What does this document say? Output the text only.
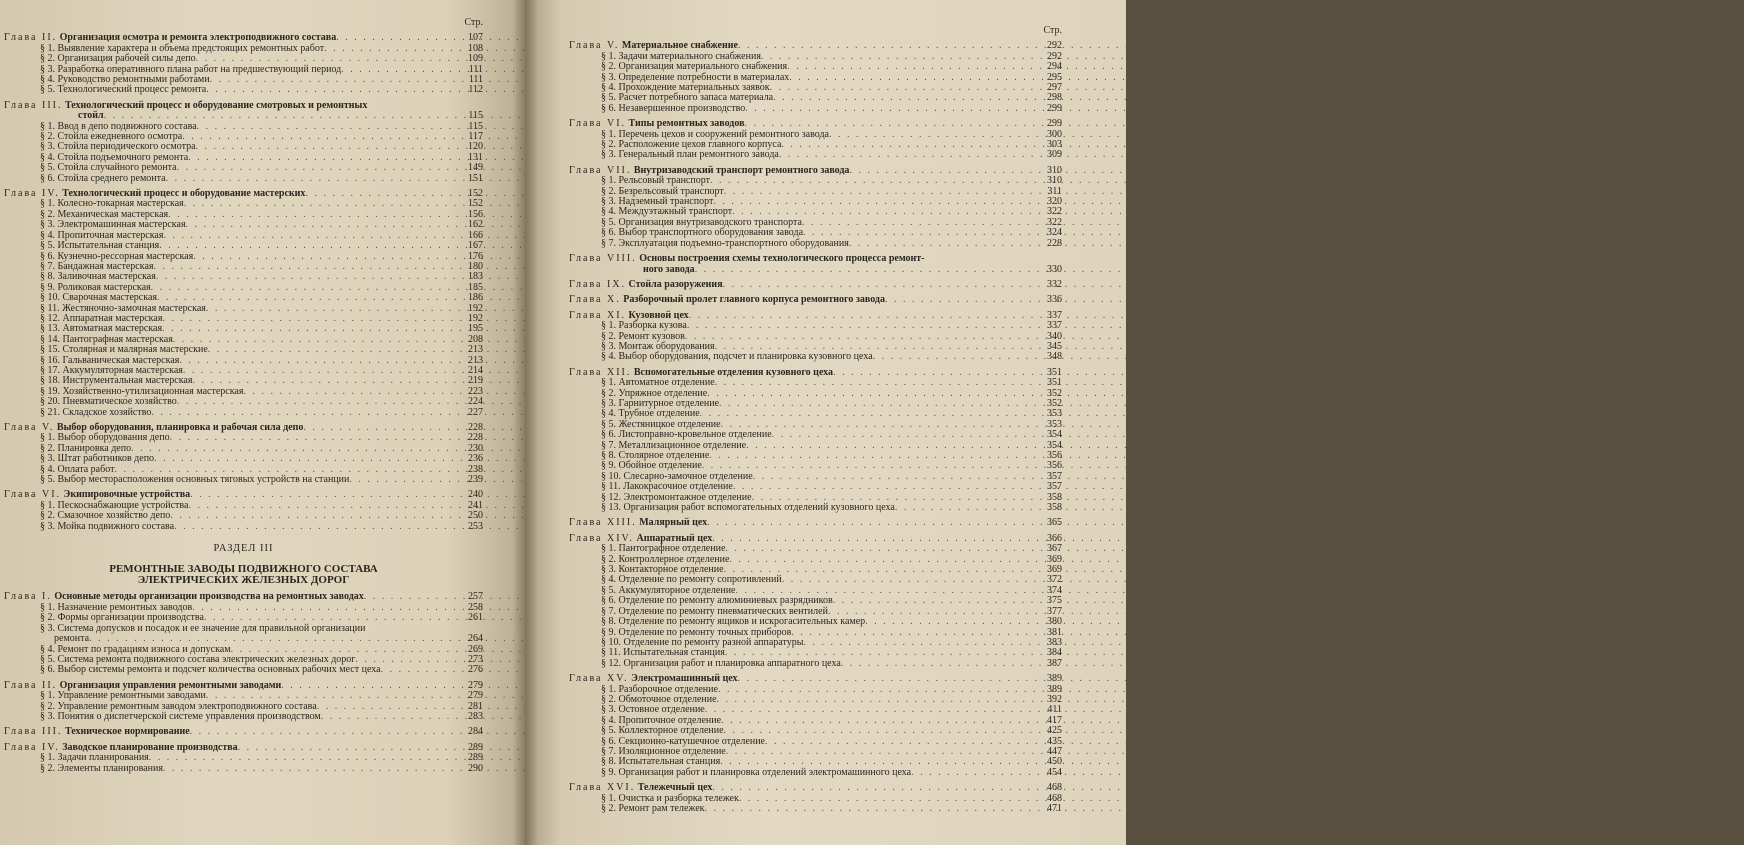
Стр.
Глава II. Организация осмотра и ремонта электроподвижного состава . . .	107
§ 1. Выявление характера и объема предстоящих ремонтных работ . . .	108
§ 2. Организация рабочей силы депо . . .	109
§ 3. Разработка оперативного плана работ на предшествующий период . . .	111
§ 4. Руководство ремонтными работами . . .	111
§ 5. Технологический процесс ремонта . . .	112
Глава III. Технологический процесс и оборудование смотровых и ремонтных
стойл . . .	115
§ 1. Ввод в депо подвижного состава . . .	115
§ 2. Стойла ежедневного осмотра . . .	117
§ 3. Стойла периодического осмотра . . .	120
§ 4. Стойла подъемочного ремонта . . .	131
§ 5. Стойла случайного ремонта . . .	149
§ 6. Стойла среднего ремонта . . .	151
Глава IV. Технологический процесс и оборудование мастерских . . .	152
§ 1. Колесно-токарная мастерская . . .	152
§ 2. Механическая мастерская . . .	156
§ 3. Электромашинная мастерская . . .	162
§ 4. Пропиточная мастерская . . .	166
§ 5. Испытательная станция . . .	167
§ 6. Кузнечно-рессорная мастерская . . .	176
§ 7. Бандажная мастерская . . .	180
§ 8. Заливочная мастерская . . .	183
§ 9. Роликовая мастерская . . .	185
§ 10. Сварочная мастерская . . .	186
§ 11. Жестяночно-замочная мастерская . . .	192
§ 12. Аппаратная мастерская . . .	192
§ 13. Автоматная мастерская . . .	195
§ 14. Пантографная мастерская . . .	208
§ 15. Столярная и малярная мастерские . . .	213
§ 16. Гальваническая мастерская . . .	213
§ 17. Аккумуляторная мастерская . . .	214
§ 18. Инструментальная мастерская . . .	219
§ 19. Хозяйственно-утилизационная мастерская . . .	223
§ 20. Пневматическое хозяйство . . .	224
§ 21. Складское хозяйство . . .	227
Глава V. Выбор оборудования, планировка и рабочая сила депо . . .	228
§ 1. Выбор оборудования депо . . .	228
§ 2. Планировка депо . . .	230
§ 3. Штат работников депо . . .	236
§ 4. Оплата работ . . .	238
§ 5. Выбор месторасположения основных тяговых устройств на станции . . .	239
Глава VI. Экипировочные устройства . . .	240
§ 1. Пескоснабжающие устройства . . .	241
§ 2. Смазочное хозяйство депо . . .	250
§ 3. Мойка подвижного состава . . .	253
РАЗДЕЛ III
РЕМОНТНЫЕ ЗАВОДЫ ПОДВИЖНОГО СОСТАВА
ЭЛЕКТРИЧЕСКИХ ЖЕЛЕЗНЫХ ДОРОГ
Глава I. Основные методы организации производства на ремонтных заводах . . .	257
§ 1. Назначение ремонтных заводов . . .	258
§ 2. Формы организации производства . . .	261
§ 3. Система допусков и посадок и ее значение для правильной организации
ремонта . . .	264
§ 4. Ремонт по градациям износа и допускам . . .	269
§ 5. Система ремонта подвижного состава электрических железных дорог . . .	273
§ 6. Выбор системы ремонта и подсчет количества основных рабочих мест цеха . . .	276
Глава II. Организация управления ремонтными заводами . . .	279
§ 1. Управление ремонтными заводами . . .	279
§ 2. Управление ремонтным заводом электроподвижного состава . . .	281
§ 3. Понятия о диспетчерской системе управления производством . . .	283
Глава III. Техническое нормирование . . .	284
Глава IV. Заводское планирование производства . . .	289
§ 1. Задачи планирования . . .	289
§ 2. Элементы планирования . . .	290
Стр.
Глава V. Материальное снабжение . . .	292
§ 1. Задачи материального снабжения . . .	292
§ 2. Организация материального снабжения . . .	294
§ 3. Определение потребности в материалах . . .	295
§ 4. Прохождение материальных заявок . . .	297
§ 5. Расчет потребного запаса материала . . .	298
§ 6. Незавершенное производство . . .	299
Глава VI. Типы ремонтных заводов . . .	299
§ 1. Перечень цехов и сооружений ремонтного завода . . .	300
§ 2. Расположение цехов главного корпуса . . .	303
§ 3. Генеральный план ремонтного завода . . .	309
Глава VII. Внутризаводский транспорт ремонтного завода . . .	310
§ 1. Рельсовый транспорт . . .	310
§ 2. Безрельсовый транспорт . . .	311
§ 3. Надземный транспорт . . .	320
§ 4. Междуэтажный транспорт . . .	322
§ 5. Организация внутризаводского транспорта . . .	322
§ 6. Выбор транспортного оборудования завода . . .	324
§ 7. Эксплуатация подъемно-транспортного оборудования . . .	228
Глава VIII. Основы построения схемы технологического процесса ремонт-
ного завода . . .	330
Глава IX. Стойла разоружения . . .	332
Глава X. Разборочный пролет главного корпуса ремонтного завода . . .	336
Глава XI. Кузовной цех . . .	337
§ 1. Разборка кузова . . .	337
§ 2. Ремонт кузовов . . .	340
§ 3. Монтаж оборудования . . .	345
§ 4. Выбор оборудования, подсчет и планировка кузовного цеха . . .	348
Глава XII. Вспомогательные отделения кузовного цеха . . .	351
§ 1. Автоматное отделение . . .	351
§ 2. Упряжное отделение . . .	352
§ 3. Гарнитурное отделение . . .	352
§ 4. Трубное отделение . . .	353
§ 5. Жестяницкое отделение . . .	353
§ 6. Листоправно-кровельное отделение . . .	354
§ 7. Металлизационное отделение . . .	354
§ 8. Столярное отделение . . .	356
§ 9. Обойное отделение . . .	356
§ 10. Слесарно-замочное отделение . . .	357
§ 11. Лакокрасочное отделение . . .	357
§ 12. Электромонтажное отделение . . .	358
§ 13. Организация работ вспомогательных отделений кузовного цеха . . .	358
Глава XIII. Малярный цех . . .	365
Глава XIV. Аппаратный цех . . .	366
§ 1. Пантографное отделение . . .	367
§ 2. Контроллерное отделение . . .	369
§ 3. Контакторное отделение . . .	369
§ 4. Отделение по ремонту сопротивлений . . .	372
§ 5. Аккумуляторное отделение . . .	374
§ 6. Отделение по ремонту алюминиевых разрядников . . .	375
§ 7. Отделение по ремонту пневматических вентилей . . .	377
§ 8. Отделение по ремонту ящиков и искрогасительных камер . . .	380
§ 9. Отделение по ремонту точных приборов . . .	381
§ 10. Отделение по ремонту разной аппаратуры . . .	383
§ 11. Испытательная станция . . .	384
§ 12. Организация работ и планировка аппаратного цеха . . .	387
Глава XV. Электромашинный цех . . .	389
§ 1. Разборочное отделение . . .	389
§ 2. Обмоточное отделение . . .	392
§ 3. Остовное отделение . . .	411
§ 4. Пропиточное отделение . . .	417
§ 5. Коллекторное отделение . . .	425
§ 6. Секционно-катушечное отделение . . .	435
§ 7. Изоляционное отделение . . .	447
§ 8. Испытательная станция . . .	450
§ 9. Организация работ и планировка отделений электромашинного цеха . . .	454
Глава XVI. Тележечный цех . . .	468
§ 1. Очистка и разборка тележек . . .	468
§ 2. Ремонт рам тележек . . .	471
